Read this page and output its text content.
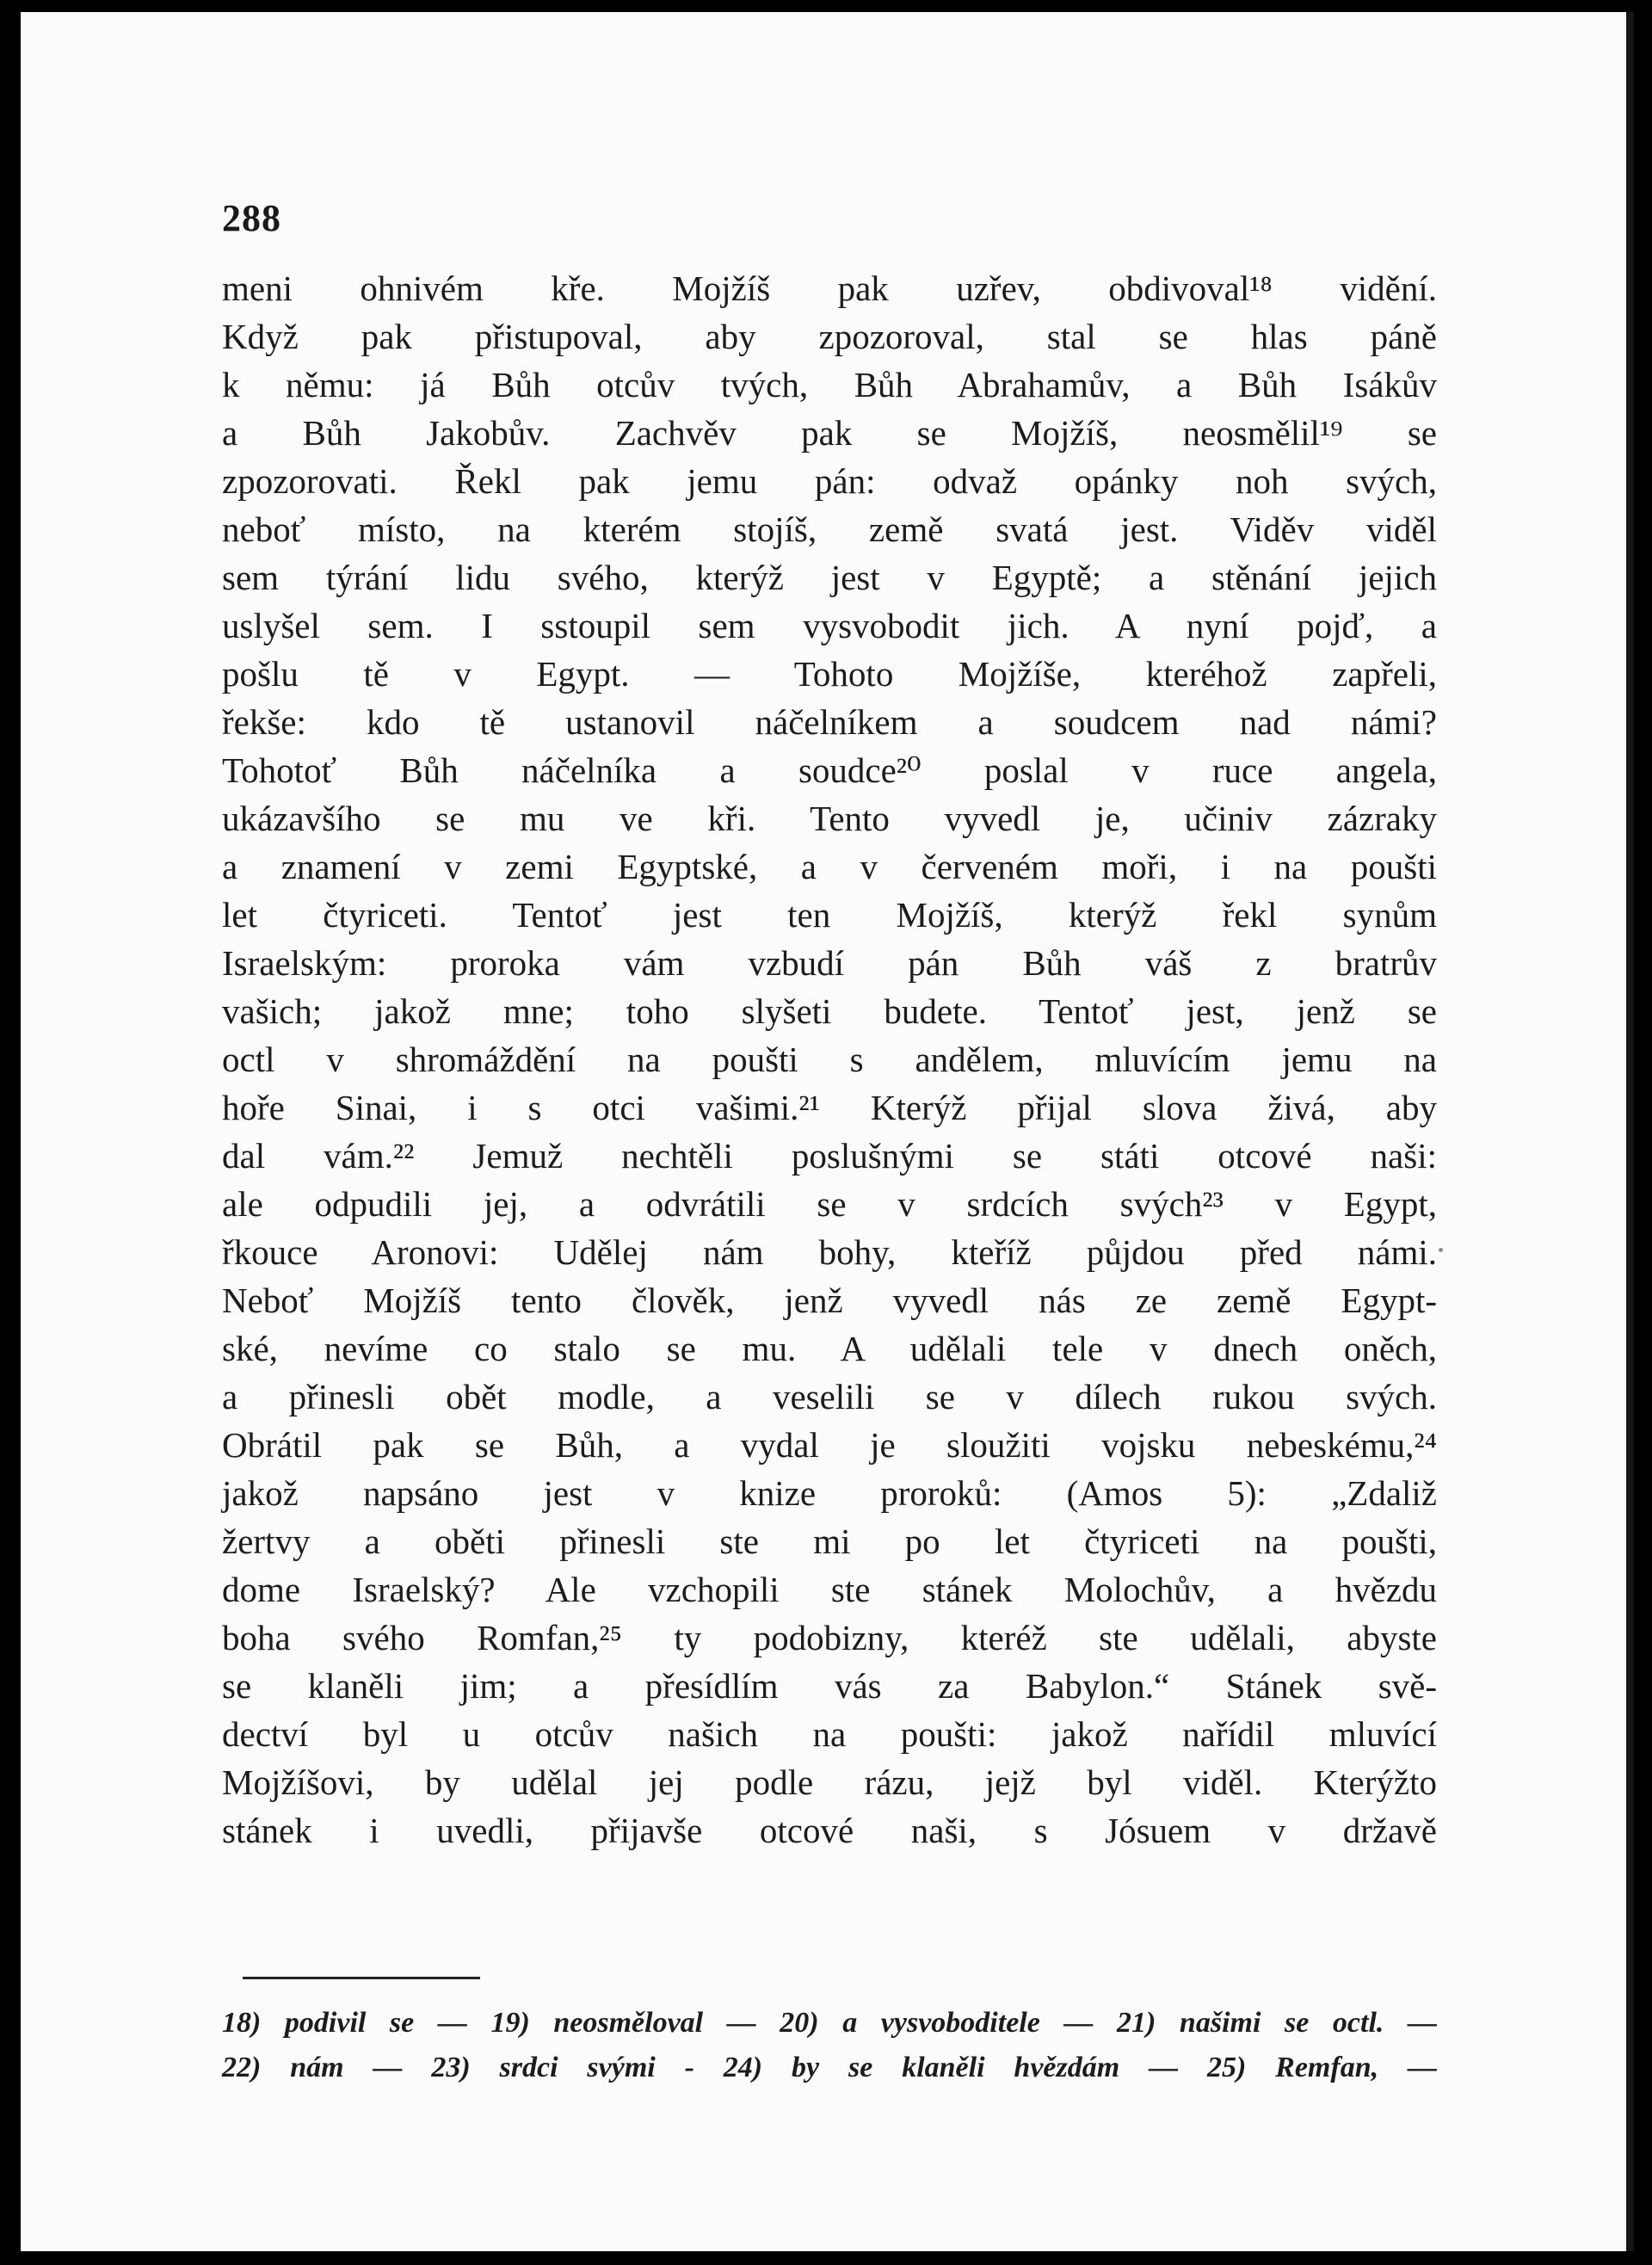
288
meni ohnivém kře. Mojžíš pak uzřev, obdivoval¹⁸ vidění.
Když pak přistupoval, aby zpozoroval, stal se hlas páně
k němu: já Bůh otcův tvých, Bůh Abrahamův, a Bůh Isákův
a Bůh Jakobův. Zachvěv pak se Mojžíš, neosmělil¹⁹ se
zpozorovati. Řekl pak jemu pán: odvaž opánky noh svých,
neboť místo, na kterém stojíš, země svatá jest. Viděv viděl
sem týrání lidu svého, kterýž jest v Egyptě; a stěnání jejich
uslyšel sem. I sstoupil sem vysvobodit jich. A nyní pojď, a
pošlu tě v Egypt. — Tohoto Mojžíše, kteréhož zapřeli,
řekše: kdo tě ustanovil náčelníkem a soudcem nad námi?
Tohotoť Bůh náčelníka a soudce²⁰ poslal v ruce angela,
ukázavšího se mu ve kři. Tento vyvedl je, učiniv zázraky
a znamení v zemi Egyptské, a v červeném moři, i na poušti
let čtyriceti. Tentoť jest ten Mojžíš, kterýž řekl synům
Israelským: proroka vám vzbudí pán Bůh váš z bratrův
vašich; jakož mne; toho slyšeti budete. Tentoť jest, jenž se
octl v shromáždění na poušti s andělem, mluvícím jemu na
hoře Sinai, i s otci vašimi.²¹ Kterýž přijal slova živá, aby
dal vám.²² Jemuž nechtěli poslušnými se státi otcové naši:
ale odpudili jej, a odvrátili se v srdcích svých²³ v Egypt,
řkouce Aronovi: Udělej nám bohy, kteříž půjdou před námi.
Neboť Mojžíš tento člověk, jenž vyvedl nás ze země Egypt-
ské, nevíme co stalo se mu. A udělali tele v dnech oněch,
a přinesli obět modle, a veselili se v dílech rukou svých.
Obrátil pak se Bůh, a vydal je sloužiti vojsku nebeskému,²⁴
jakož napsáno jest v knize proroků: (Amos 5): „Zdaliž
žertvy a oběti přinesli ste mi po let čtyriceti na poušti,
dome Israelský? Ale vzchopili ste stánek Molochův, a hvězdu
boha svého Romfan,²⁵ ty podobizny, kteréž ste udělali, abyste
se klaněli jim; a přesídlím vás za Babylon.“ Stánek svě-
dectví byl u otcův našich na poušti: jakož nařídil mluvící
Mojžíšovi, by udělal jej podle rázu, jejž byl viděl. Kterýžto
stánek i uvedli, přijavše otcové naši, s Jósuem v državě
18) podivil se — 19) neosměloval — 20) a vysvoboditele — 21) našimi se octl. —
22) nám — 23) srdci svými - 24) by se klaněli hvězdám — 25) Remfan, —
